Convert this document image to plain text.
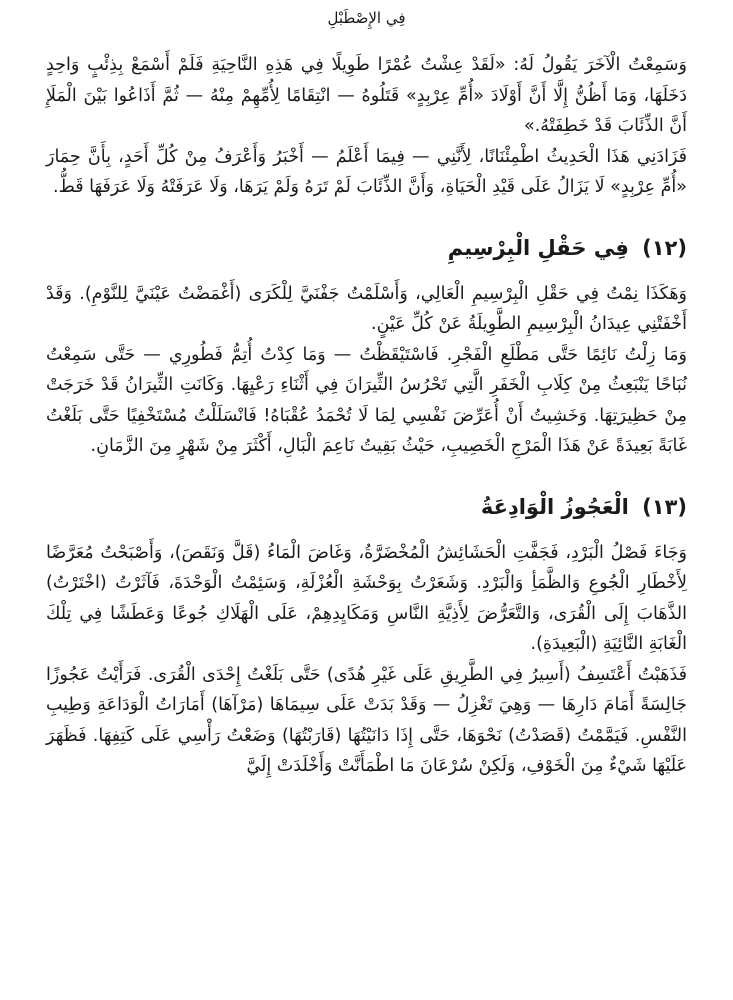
فِي الإِصْطَبْلِ

وَسَمِعْتُ الْآخَرَ يَقُولُ لَهُ: «لَقَدْ عِشْتُ عُمْرًا طَوِيلًا فِي هَذِهِ النَّاحِيَةِ فَلَمْ أَسْمَعْ بِذِئْبٍ وَاحِدٍ دَخَلَهَا، وَمَا أَظُنُّ إِلَّا أَنَّ أَوْلَادَ «أُمِّ عِرْبِدٍ» قَتَلُوهُ — انْتِقَامًا لِأُمِّهِمْ مِنْهُ — ثُمَّ أَذَاعُوا بَيْنَ الْمَلَإِ أَنَّ الذِّئَابَ قَدْ خَطِفَتْهُ.»

فَزَادَنِي هَذَا الْحَدِيثُ اطْمِئْنَانًا، لِأَنَّنِي — فِيمَا أَعْلَمُ — أَخْبَرُ وَأَعْرَفُ مِنْ كُلِّ أَحَدٍ، بِأَنَّ حِمَارَ «أُمِّ عِرْبِدٍ» لَا يَزَالُ عَلَى قَيْدِ الْحَيَاةِ، وَأَنَّ الذِّئَابَ لَمْ تَرَهُ وَلَمْ يَرَهَا، وَلَا عَرَفَتْهُ وَلَا عَرَفَهَا قَطُّ.

(١٢) فِي حَقْلِ الْبِرْسِيمِ

وَهَكَذَا نِمْتُ فِي حَقْلِ الْبِرْسِيمِ الْعَالِي، وَأَسْلَمْتُ جَفْنَيَّ لِلْكَرَى (أَغْمَضْتُ عَيْنَيَّ لِلنَّوْمِ). وَقَدْ أَخْفَتْنِي عِيدَانُ الْبِرْسِيمِ الطَّوِيلَةُ عَنْ كُلِّ عَيْنٍ.

وَمَا زِلْتُ نَائِمًا حَتَّى مَطْلَعِ الْفَجْرِ. فَاسْتَيْقَظْتُ — وَمَا كِدْتُ أُتِمُّ فَطُورِي — حَتَّى سَمِعْتُ نُبَاحًا يَنْبَعِثُ مِنْ كِلَابِ الْخَفَرِ الَّتِي تَحْرُسُ الثِّيرَانَ فِي أَثْنَاءِ رَعْيِهَا. وَكَانَتِ الثِّيرَانُ قَدْ خَرَجَتْ مِنْ حَظِيرَتِهَا. وَخَشِيتُ أَنْ أُعَرِّضَ نَفْسِي لِمَا لَا تُحْمَدُ عُقْبَاهُ! فَانْسَلَلْتُ مُسْتَخْفِيًا حَتَّى بَلَغْتُ غَابَةً بَعِيدَةً عَنْ هَذَا الْمَرْجِ الْخَصِيبِ، حَيْثُ بَقِيتُ نَاعِمَ الْبَالِ، أَكْثَرَ مِنْ شَهْرٍ مِنَ الزَّمَانِ.

(١٣) الْعَجُوزُ الْوَادِعَةُ

وَجَاءَ فَصْلُ الْبَرْدِ، فَجَفَّتِ الْحَشَائِشُ الْمُخْضَرَّةُ، وَغَاضَ الْمَاءُ (قَلَّ وَنَقَصَ)، وَأَصْبَحْتُ مُعَرَّضًا لِأَخْطَارِ الْجُوعِ وَالظَّمَأِ وَالْبَرْدِ. وَشَعَرْتُ بِوَحْشَةِ الْعُزْلَةِ، وَسَئِمْتُ الْوَحْدَةَ، فَآثَرْتُ (اخْتَرْتُ) الذَّهَابَ إِلَى الْقُرَى، وَالتَّعَرُّضَ لِأَذِيَّةِ النَّاسِ وَمَكَايِدِهِمْ، عَلَى الْهَلَاكِ جُوعًا وَعَطَشًا فِي تِلْكَ الْغَابَةِ النَّائِيَةِ (الْبَعِيدَةِ).

فَذَهَبْتُ أَعْتَسِفُ (أَسِيرُ فِي الطَّرِيقِ عَلَى غَيْرِ هُدًى) حَتَّى بَلَغْتُ إِحْدَى الْقُرَى. فَرَأَيْتُ عَجُوزًا جَالِسَةً أَمَامَ دَارِهَا — وَهِيَ تَغْزِلُ — وَقَدْ بَدَتْ عَلَى سِيمَاهَا (مَرْآهَا) أَمَارَاتُ الْوَدَاعَةِ وَطِيبِ النَّفْسِ. فَيَمَّمْتُ (قَصَدْتُ) نَحْوَهَا، حَتَّى إِذَا دَانَيْتُهَا (قَارَبْتُهَا) وَضَعْتُ رَأْسِي عَلَى كَتِفِهَا. فَظَهَرَ عَلَيْهَا شَيْءٌ مِنَ الْخَوْفِ، وَلَكِنْ سُرْعَانَ مَا اطْمَأَنَّتْ وَأَخْلَدَتْ إِلَيَّ
